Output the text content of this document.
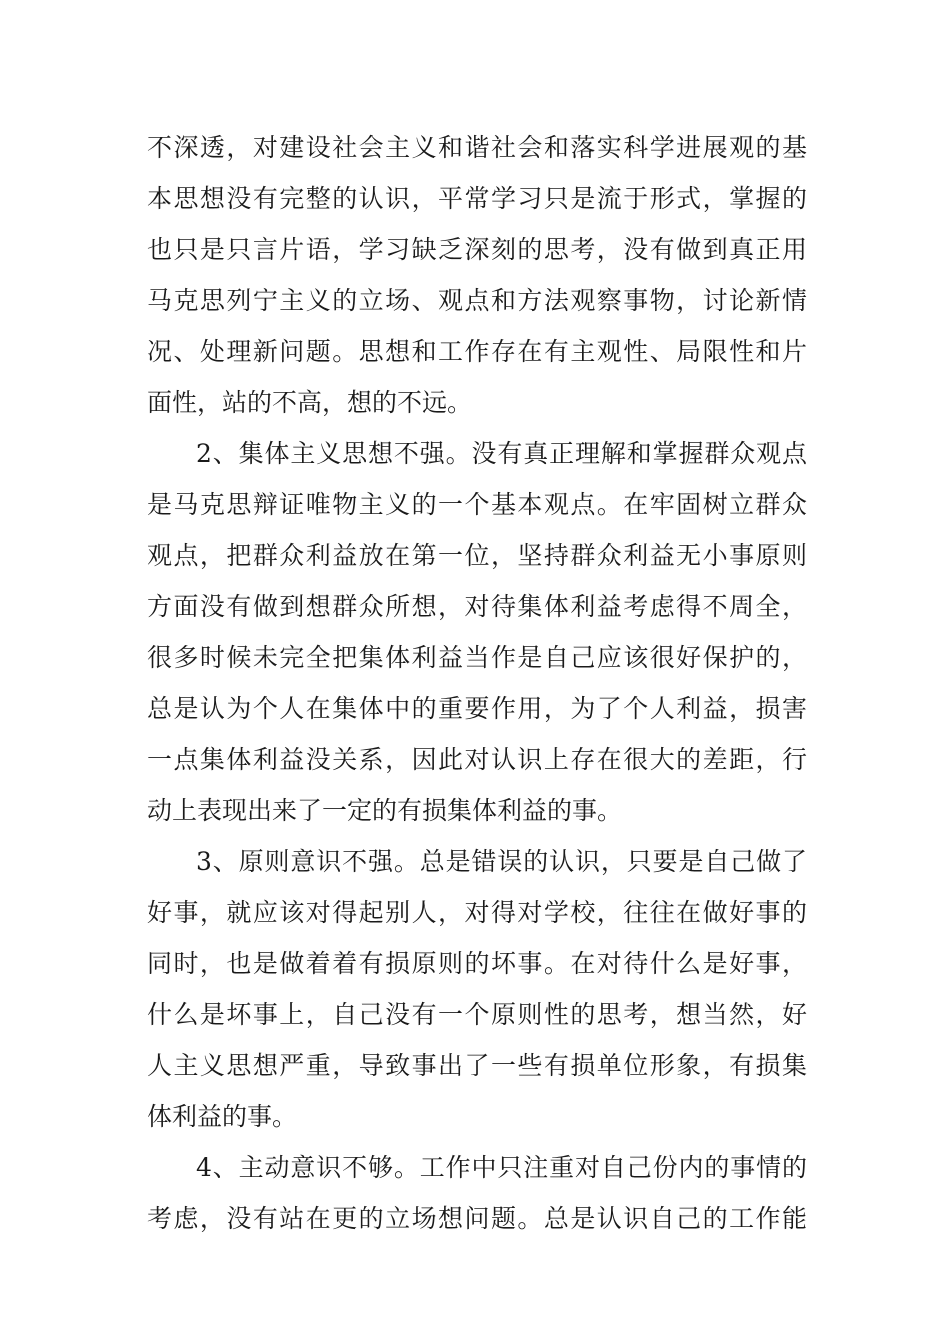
不深透，对建设社会主义和谐社会和落实科学进展观的基
本思想没有完整的认识，平常学习只是流于形式，掌握的
也只是只言片语，学习缺乏深刻的思考，没有做到真正用
马克思列宁主义的立场、观点和方法观察事物，讨论新情
况、处理新问题。思想和工作存在有主观性、局限性和片
面性，站的不高，想的不远。
2、集体主义思想不强。没有真正理解和掌握群众观点
是马克思辩证唯物主义的一个基本观点。在牢固树立群众
观点，把群众利益放在第一位，坚持群众利益无小事原则
方面没有做到想群众所想，对待集体利益考虑得不周全，
很多时候未完全把集体利益当作是自己应该很好保护的，
总是认为个人在集体中的重要作用，为了个人利益，损害
一点集体利益没关系，因此对认识上存在很大的差距，行
动上表现出来了一定的有损集体利益的事。
3、原则意识不强。总是错误的认识，只要是自己做了
好事，就应该对得起别人，对得对学校，往往在做好事的
同时，也是做着着有损原则的坏事。在对待什么是好事，
什么是坏事上，自己没有一个原则性的思考，想当然，好
人主义思想严重，导致事出了一些有损单位形象，有损集
体利益的事。
4、主动意识不够。工作中只注重对自己份内的事情的
考虑，没有站在更的立场想问题。总是认识自己的工作能
